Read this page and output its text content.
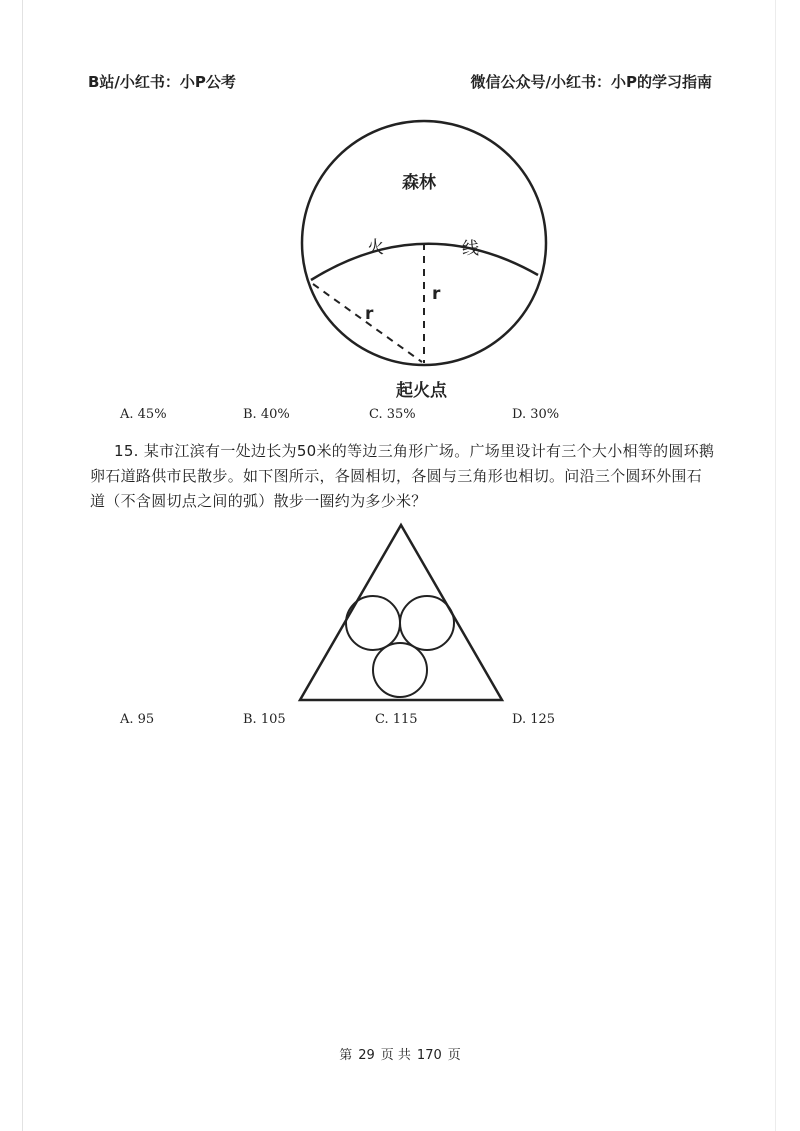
B站/小红书：小P公考	微信公众号/小红书：小P的学习指南
森林
火	线
r
r
起火点
A. 45%	B. 40%	C. 35%	D. 30%
15. 某市江滨有一处边长为50米的等边三角形广场。广场里设计有三个大小相等的圆环鹅
卵石道路供市民散步。如下图所示，各圆相切，各圆与三角形也相切。问沿三个圆环外围石
道（不含圆切点之间的弧）散步一圈约为多少米？
A. 95	B. 105	C. 115	D. 125
第 29 页 共 170 页
